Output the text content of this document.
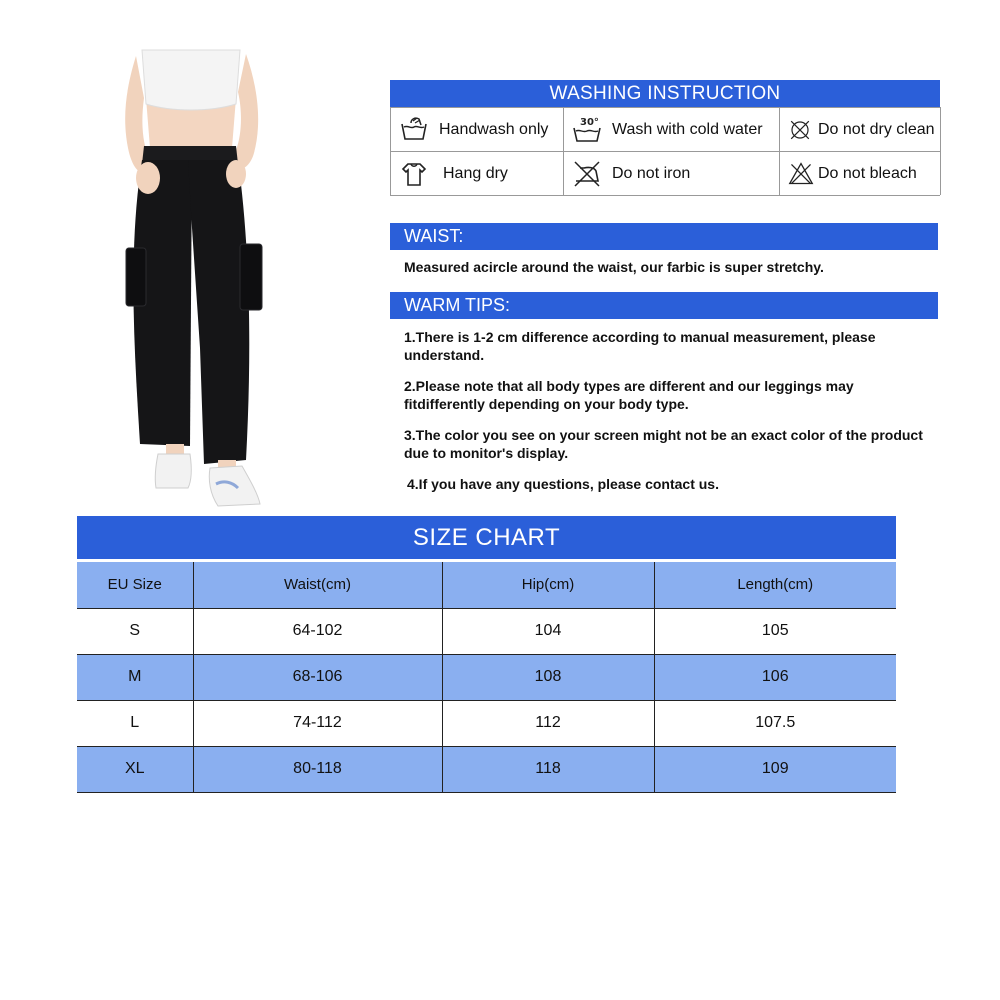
WASHING INSTRUCTION
Handwash only	30° Wash with cold water	Do not dry clean
Hang dry	Do not iron	Do not bleach
WAIST:
Measured acircle around the waist, our farbic is super stretchy.
WARM TIPS:

1.There is 1-2 cm difference according to manual measurement, please understand.

2.Please note that all body types are different and our leggings may fitdifferently depending on your body type.

3.The color you see on your screen might not be an exact color of the product due to monitor's display.

4.If you have any questions, please contact us.

SIZE CHART
EU Size	Waist(cm)	Hip(cm)	Length(cm)
S	64-102	104	105
M	68-106	108	106
L	74-112	112	107.5
XL	80-118	118	109
